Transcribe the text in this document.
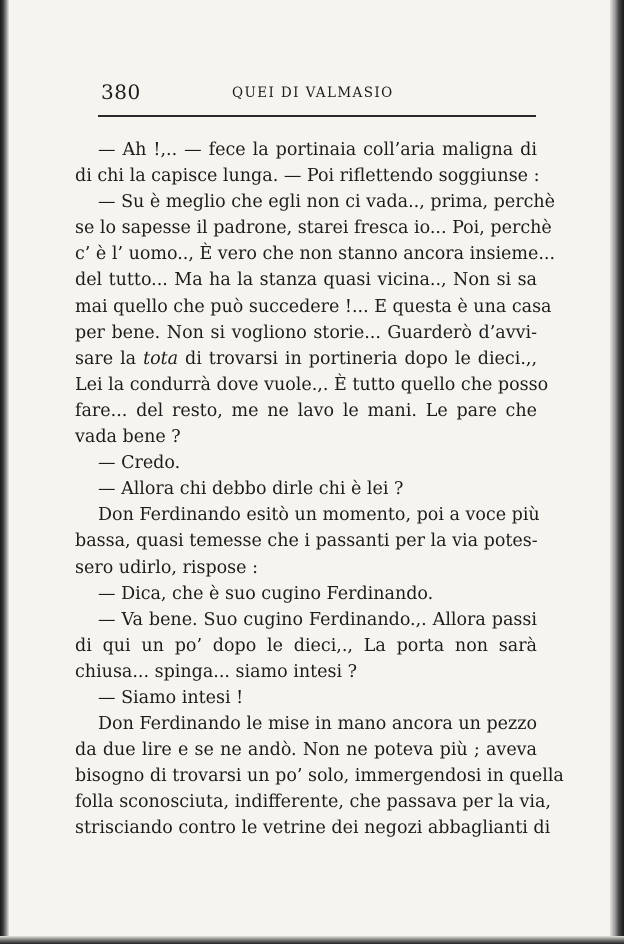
380	QUEI DI VALMASIO
— Ah !,.. — fece la portinaia coll’aria maligna di
di chi la capisce lunga. — Poi riflettendo soggiunse :
— Su è meglio che egli non ci vada.., prima, perchè
se lo sapesse il padrone, starei fresca io... Poi, perchè
c’ è l’ uomo.., È vero che non stanno ancora insieme...
del tutto... Ma ha la stanza quasi vicina.., Non si sa
mai quello che può succedere !... E questa è una casa
per bene. Non si vogliono storie... Guarderò d’avvi-
sare la tota di trovarsi in portineria dopo le dieci.,,
Lei la condurrà dove vuole.,. È tutto quello che posso
fare... del resto, me ne lavo le mani. Le pare che
vada bene ?
— Credo.
— Allora chi debbo dirle chi è lei ?
Don Ferdinando esitò un momento, poi a voce più
bassa, quasi temesse che i passanti per la via potes-
sero udirlo, rispose :
— Dica, che è suo cugino Ferdinando.
— Va bene. Suo cugino Ferdinando.,. Allora passi
di qui un po’ dopo le dieci,., La porta non sarà
chiusa... spinga... siamo intesi ?
— Siamo intesi !
Don Ferdinando le mise in mano ancora un pezzo
da due lire e se ne andò. Non ne poteva più ; aveva
bisogno di trovarsi un po’ solo, immergendosi in quella
folla sconosciuta, indifferente, che passava per la via,
strisciando contro le vetrine dei negozi abbaglianti di
